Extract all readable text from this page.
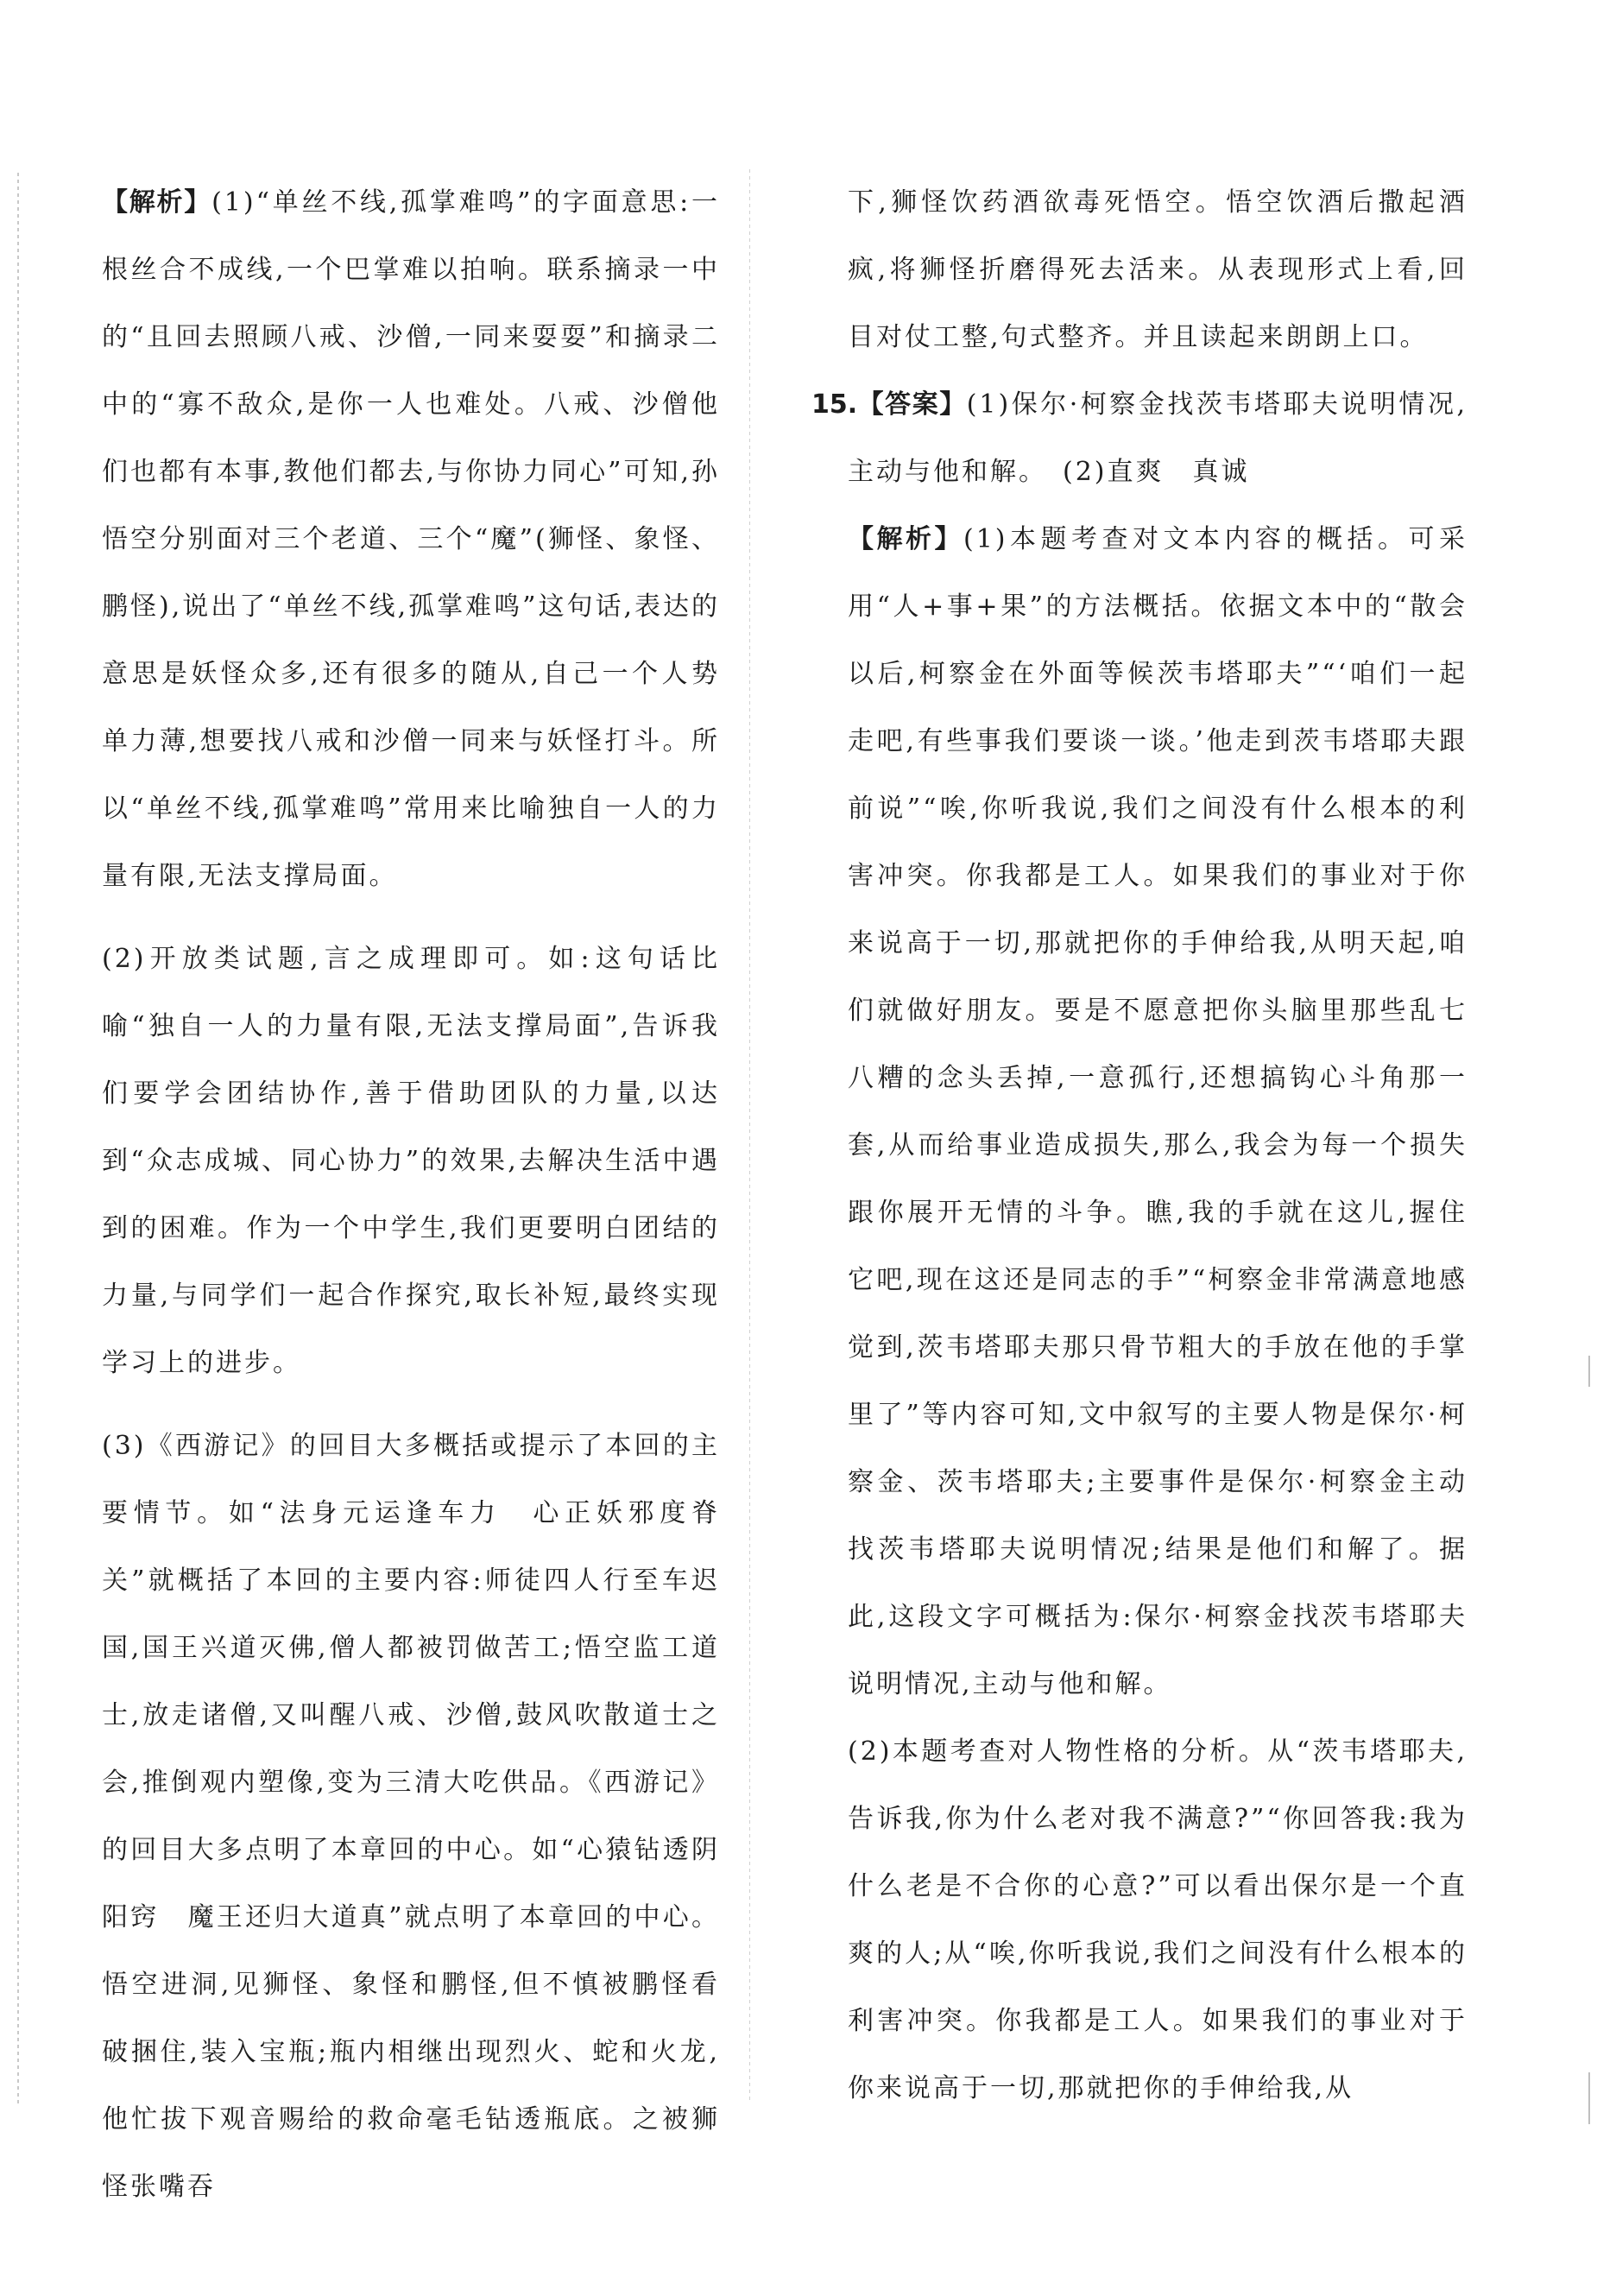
【解析】(1)“单丝不线,孤掌难鸣”的字面意思:一根丝合不成线,一个巴掌难以拍响。联系摘录一中的“且回去照顾八戒、沙僧,一同来耍耍”和摘录二中的“寡不敌众,是你一人也难处。八戒、沙僧他们也都有本事,教他们都去,与你协力同心”可知,孙悟空分别面对三个老道、三个“魔”(狮怪、象怪、鹏怪),说出了“单丝不线,孤掌难鸣”这句话,表达的意思是妖怪众多,还有很多的随从,自己一个人势单力薄,想要找八戒和沙僧一同来与妖怪打斗。所以“单丝不线,孤掌难鸣”常用来比喻独自一人的力量有限,无法支撑局面。

(2)开放类试题,言之成理即可。如:这句话比喻“独自一人的力量有限,无法支撑局面”,告诉我们要学会团结协作,善于借助团队的力量,以达到“众志成城、同心协力”的效果,去解决生活中遇到的困难。作为一个中学生,我们更要明白团结的力量,与同学们一起合作探究,取长补短,最终实现学习上的进步。

(3)《西游记》的回目大多概括或提示了本回的主要情节。如“法身元运逢车力　心正妖邪度脊关”就概括了本回的主要内容:师徒四人行至车迟国,国王兴道灭佛,僧人都被罚做苦工;悟空监工道士,放走诸僧,又叫醒八戒、沙僧,鼓风吹散道士之会,推倒观内塑像,变为三清大吃供品。《西游记》的回目大多点明了本章回的中心。如“心猿钻透阴阳窍　魔王还归大道真”就点明了本章回的中心。悟空进洞,见狮怪、象怪和鹏怪,但不慎被鹏怪看破捆住,装入宝瓶;瓶内相继出现烈火、蛇和火龙,他忙拔下观音赐给的救命毫毛钻透瓶底。之被狮怪张嘴吞

下,狮怪饮药酒欲毒死悟空。悟空饮酒后撒起酒疯,将狮怪折磨得死去活来。从表现形式上看,回目对仗工整,句式整齐。并且读起来朗朗上口。

15.【答案】(1)保尔·柯察金找茨韦塔耶夫说明情况,主动与他和解。　(2)直爽　真诚

【解析】(1)本题考查对文本内容的概括。可采用“人+事+果”的方法概括。依据文本中的“散会以后,柯察金在外面等候茨韦塔耶夫”“‘咱们一起走吧,有些事我们要谈一谈。’他走到茨韦塔耶夫跟前说”“唉,你听我说,我们之间没有什么根本的利害冲突。你我都是工人。如果我们的事业对于你来说高于一切,那就把你的手伸给我,从明天起,咱们就做好朋友。要是不愿意把你头脑里那些乱七八糟的念头丢掉,一意孤行,还想搞钩心斗角那一套,从而给事业造成损失,那么,我会为每一个损失跟你展开无情的斗争。瞧,我的手就在这儿,握住它吧,现在这还是同志的手”“柯察金非常满意地感觉到,茨韦塔耶夫那只骨节粗大的手放在他的手掌里了”等内容可知,文中叙写的主要人物是保尔·柯察金、茨韦塔耶夫;主要事件是保尔·柯察金主动找茨韦塔耶夫说明情况;结果是他们和解了。据此,这段文字可概括为:保尔·柯察金找茨韦塔耶夫说明情况,主动与他和解。

(2)本题考查对人物性格的分析。从“茨韦塔耶夫,告诉我,你为什么老对我不满意?”“你回答我:我为什么老是不合你的心意?”可以看出保尔是一个直爽的人;从“唉,你听我说,我们之间没有什么根本的利害冲突。你我都是工人。如果我们的事业对于你来说高于一切,那就把你的手伸给我,从
